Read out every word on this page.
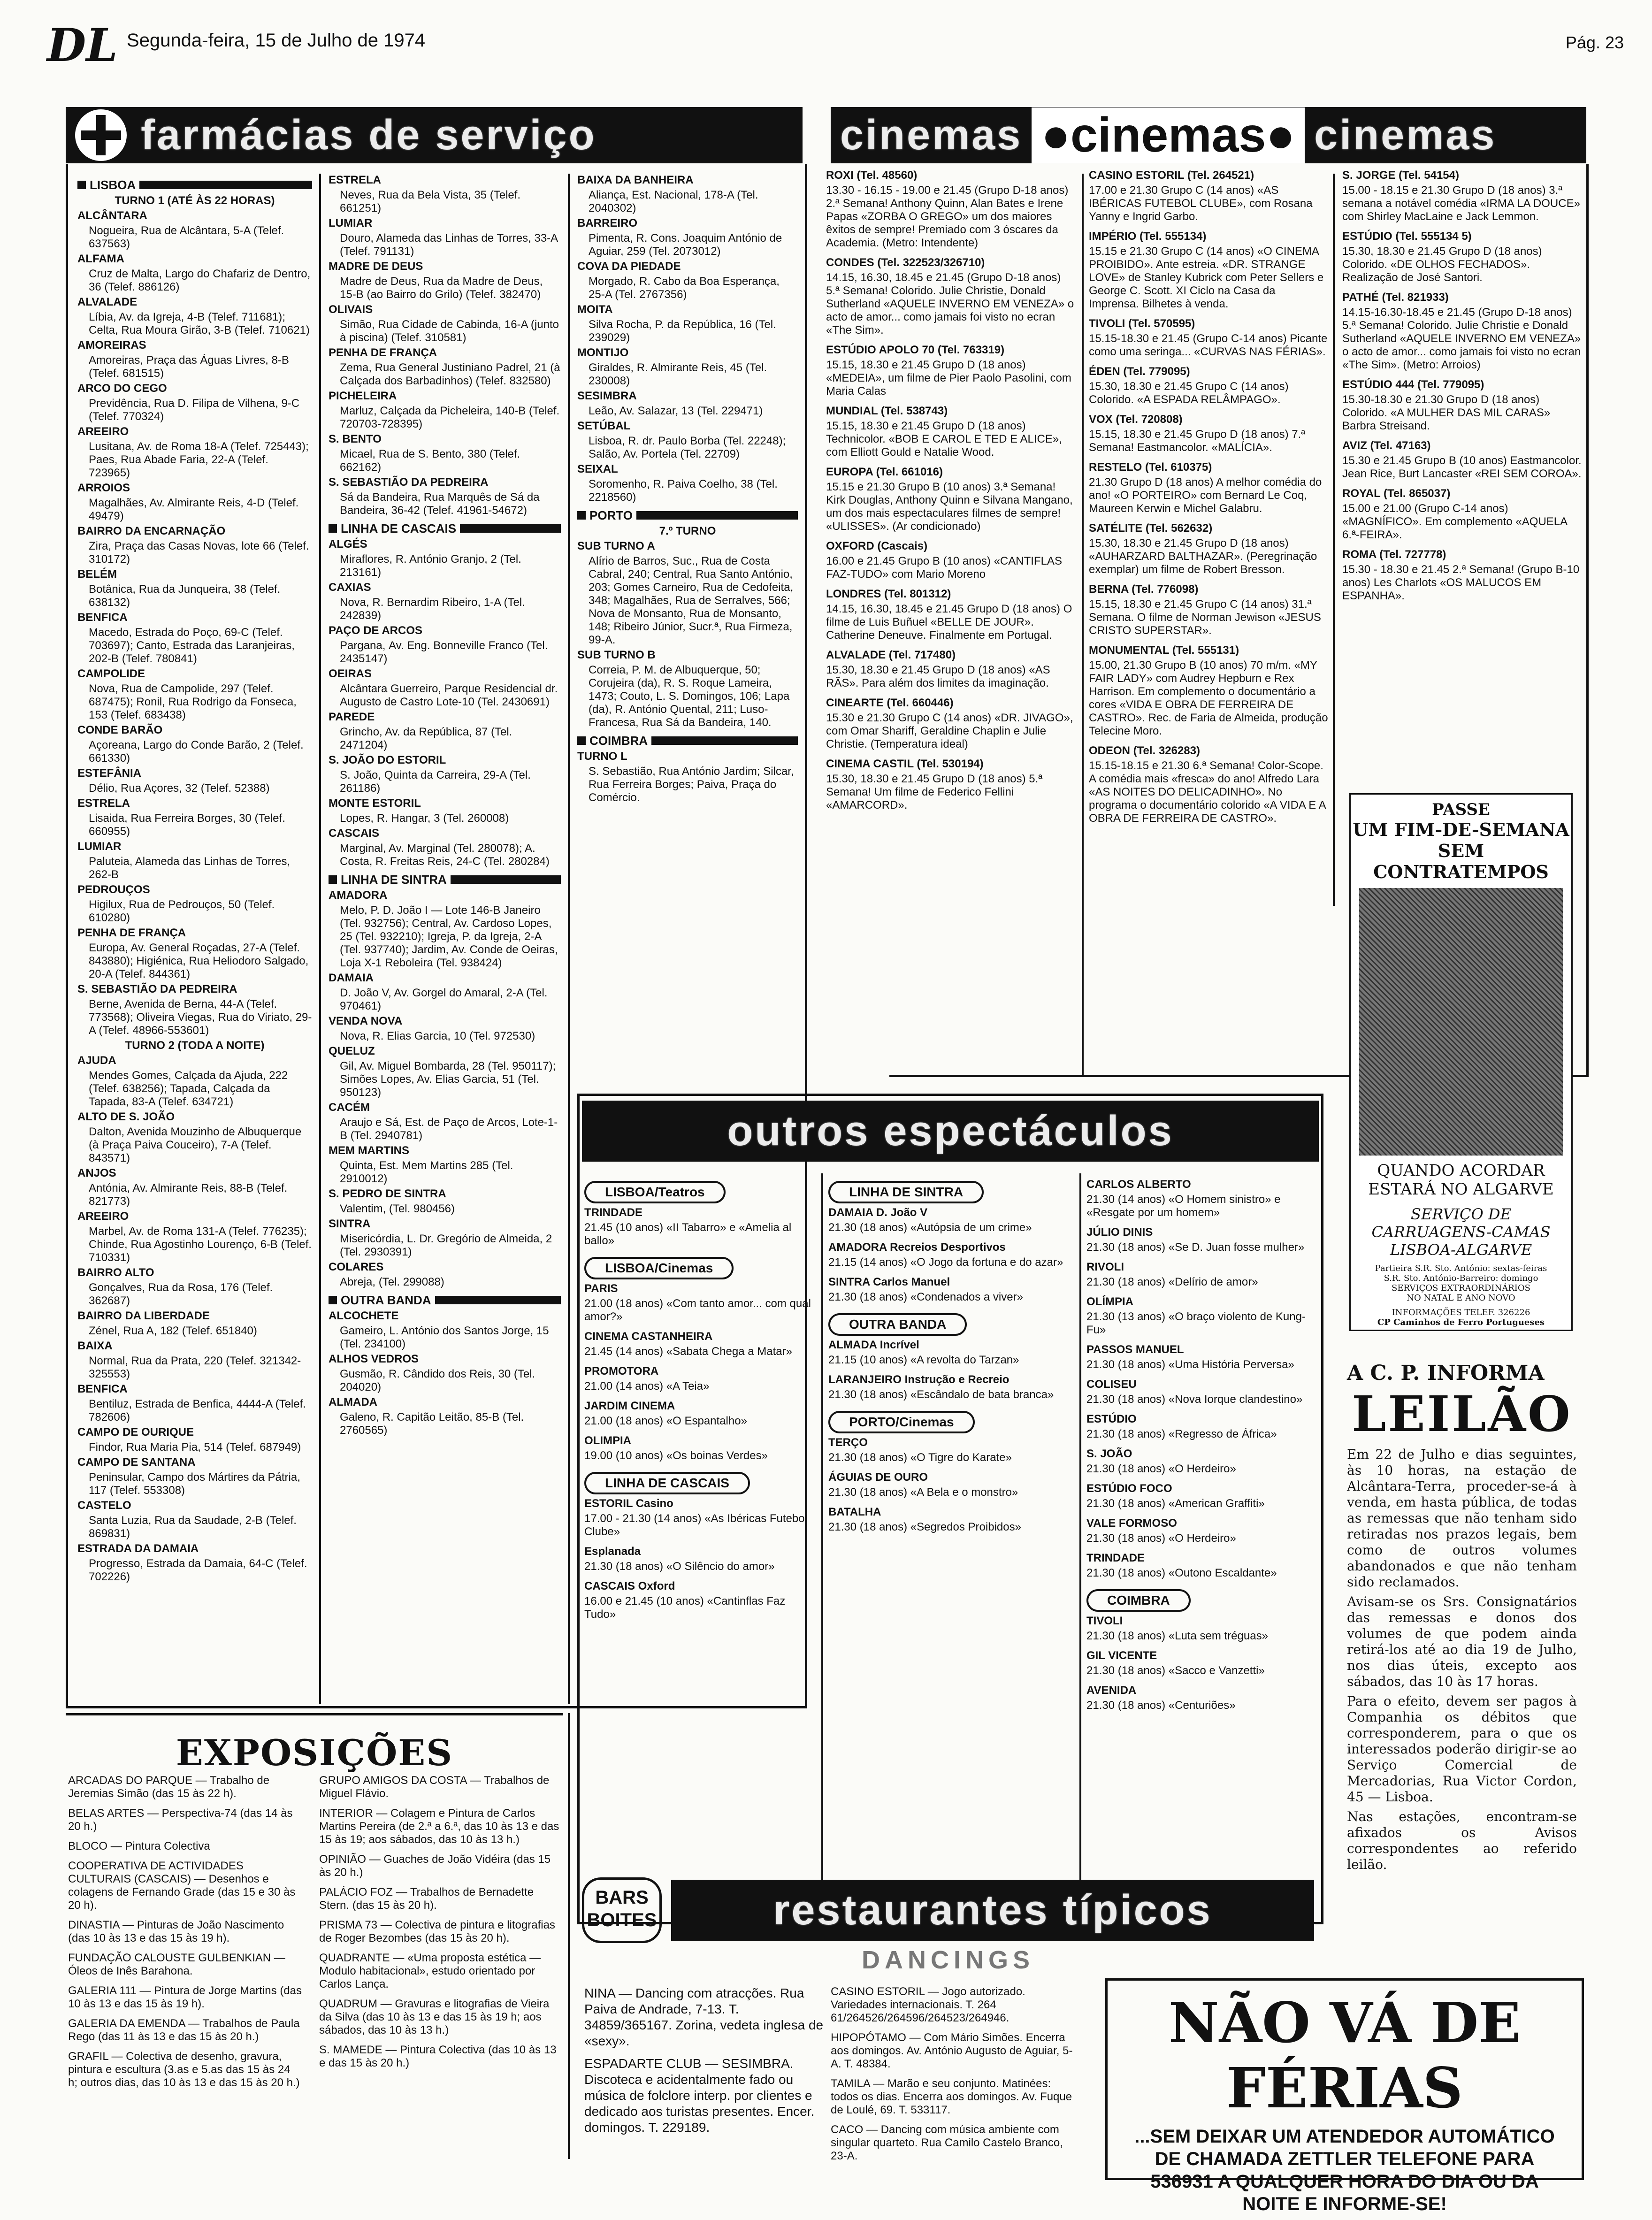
DL Segunda-feira, 15 de Julho de 1974	Pág. 23
farmácias de serviço	cinemas ●cinemas● cinemas
LISBOA

TURNO 1 (ATÉ ÀS 22 HORAS)

ALCÂNTARA

Nogueira, Rua de Alcântara, 5-A (Telef. 637563)

ALFAMA

Cruz de Malta, Largo do Chafariz de Dentro, 36 (Telef. 886126)

ALVALADE

Líbia, Av. da Igreja, 4-B (Telef. 711681); Celta, Rua Moura Girão, 3-B (Telef. 710621)

AMOREIRAS

Amoreiras, Praça das Águas Livres, 8-B (Telef. 681515)

ARCO DO CEGO

Previdência, Rua D. Filipa de Vilhena, 9-C (Telef. 770324)

AREEIRO

Lusitana, Av. de Roma 18-A (Telef. 725443); Paes, Rua Abade Faria, 22-A (Telef. 723965)

ARROIOS

Magalhães, Av. Almirante Reis, 4-D (Telef. 49479)

BAIRRO DA ENCARNAÇÃO

Zira, Praça das Casas Novas, lote 66 (Telef. 310172)

BELÉM

Botânica, Rua da Junqueira, 38 (Telef. 638132)

BENFICA

Macedo, Estrada do Poço, 69-C (Telef. 703697); Canto, Estrada das Laranjeiras, 202-B (Telef. 780841)

CAMPOLIDE

Nova, Rua de Campolide, 297 (Telef. 687475); Ronil, Rua Rodrigo da Fonseca, 153 (Telef. 683438)

CONDE BARÃO

Açoreana, Largo do Conde Barão, 2 (Telef. 661330)

ESTEFÂNIA

Délio, Rua Açores, 32 (Telef. 52388)

ESTRELA

Lisaida, Rua Ferreira Borges, 30 (Telef. 660955)

LUMIAR

Paluteia, Alameda das Linhas de Torres, 262-B

PEDROUÇOS

Higilux, Rua de Pedrouços, 50 (Telef. 610280)

PENHA DE FRANÇA

Europa, Av. General Roçadas, 27-A (Telef. 843880); Higiénica, Rua Heliodoro Salgado, 20-A (Telef. 844361)

S. SEBASTIÃO DA PEDREIRA

Berne, Avenida de Berna, 44-A (Telef. 773568); Oliveira Viegas, Rua do Viriato, 29-A (Telef. 48966-553601)

TURNO 2 (TODA A NOITE)

AJUDA

Mendes Gomes, Calçada da Ajuda, 222 (Telef. 638256); Tapada, Calçada da Tapada, 83-A (Telef. 634721)

ALTO DE S. JOÃO

Dalton, Avenida Mouzinho de Albuquerque (à Praça Paiva Couceiro), 7-A (Telef. 843571)

ANJOS

Antónia, Av. Almirante Reis, 88-B (Telef. 821773)

AREEIRO

Marbel, Av. de Roma 131-A (Telef. 776235); Chinde, Rua Agostinho Lourenço, 6-B (Telef. 710331)

BAIRRO ALTO

Gonçalves, Rua da Rosa, 176 (Telef. 362687)

BAIRRO DA LIBERDADE

Zénel, Rua A, 182 (Telef. 651840)

BAIXA

Normal, Rua da Prata, 220 (Telef. 321342-325553)

BENFICA

Bentiluz, Estrada de Benfica, 4444-A (Telef. 782606)

CAMPO DE OURIQUE

Findor, Rua Maria Pia, 514 (Telef. 687949)

CAMPO DE SANTANA

Peninsular, Campo dos Mártires da Pátria, 117 (Telef. 553308)

CASTELO

Santa Luzia, Rua da Saudade, 2-B (Telef. 869831)

ESTRADA DA DAMAIA

Progresso, Estrada da Damaia, 64-C (Telef. 702226)

ESTRELA

Neves, Rua da Bela Vista, 35 (Telef. 661251)

LUMIAR

Douro, Alameda das Linhas de Torres, 33-A (Telef. 791131)

MADRE DE DEUS

Madre de Deus, Rua da Madre de Deus, 15-B (ao Bairro do Grilo) (Telef. 382470)

OLIVAIS

Simão, Rua Cidade de Cabinda, 16-A (junto à piscina) (Telef. 310581)

PENHA DE FRANÇA

Zema, Rua General Justiniano Padrel, 21 (à Calçada dos Barbadinhos) (Telef. 832580)

PICHELEIRA

Marluz, Calçada da Picheleira, 140-B (Telef. 720703-728395)

S. BENTO

Micael, Rua de S. Bento, 380 (Telef. 662162)

S. SEBASTIÃO DA PEDREIRA

Sá da Bandeira, Rua Marquês de Sá da Bandeira, 36-42 (Telef. 41961-54672)

LINHA DE CASCAIS

ALGÉS

Miraflores, R. António Granjo, 2 (Tel. 213161)

CAXIAS

Nova, R. Bernardim Ribeiro, 1-A (Tel. 242839)

PAÇO DE ARCOS

Parganа, Av. Eng. Bonneville Franco (Tel. 2435147)

OEIRAS

Alcântara Guerreiro, Parque Residencial dr. Augusto de Castro Lote-10 (Tel. 2430691)

PAREDE

Grincho, Av. da República, 87 (Tel. 2471204)

S. JOÃO DO ESTORIL

S. João, Quinta da Carreira, 29-A (Tel. 261186)

MONTE ESTORIL

Lopes, R. Hangar, 3 (Tel. 260008)

CASCAIS

Marginal, Av. Marginal (Tel. 280078); A. Costa, R. Freitas Reis, 24-C (Tel. 280284)

LINHA DE SINTRA

AMADORA

Melo, P. D. João I — Lote 146-B Janeiro (Tel. 932756); Central, Av. Cardoso Lopes, 25 (Tel. 932210); Igreja, P. da Igreja, 2-A (Tel. 937740); Jardim, Av. Conde de Oeiras, Loja X-1 Reboleira (Tel. 938424)

DAMAIA

D. João V, Av. Gorgel do Amaral, 2-A (Tel. 970461)

VENDA NOVA

Nova, R. Elias Garcia, 10 (Tel. 972530)

QUELUZ

Gil, Av. Miguel Bombarda, 28 (Tel. 950117); Simões Lopes, Av. Elias Garcia, 51 (Tel. 950123)

CACÉM

Araujo e Sá, Est. de Paço de Arcos, Lote-1-B (Tel. 2940781)

MEM MARTINS

Quinta, Est. Mem Martins 285 (Tel. 2910012)

S. PEDRO DE SINTRA

Valentim, (Tel. 980456)

SINTRA

Misericórdia, L. Dr. Gregório de Almeida, 2 (Tel. 2930391)

COLARES

Abreja, (Tel. 299088)

OUTRA BANDA

ALCOCHETE

Gameiro, L. António dos Santos Jorge, 15 (Tel. 234100)

ALHOS VEDROS

Gusmão, R. Cândido dos Reis, 30 (Tel. 204020)

ALMADA

Galeno, R. Capitão Leitão, 85-B (Tel. 2760565)

BAIXA DA BANHEIRA

Aliança, Est. Nacional, 178-A (Tel. 2040302)

BARREIRO

Pimenta, R. Cons. Joaquim António de Aguiar, 259 (Tel. 2073012)

COVA DA PIEDADE

Morgado, R. Cabo da Boa Esperança, 25-A (Tel. 2767356)

MOITA

Silva Rocha, P. da República, 16 (Tel. 239029)

MONTIJO

Giraldes, R. Almirante Reis, 45 (Tel. 230008)

SESIMBRA

Leão, Av. Salazar, 13 (Tel. 229471)

SETÚBAL

Lisboa, R. dr. Paulo Borba (Tel. 22248); Salão, Av. Portela (Tel. 22709)

SEIXAL

Soromenho, R. Paiva Coelho, 38 (Tel. 2218560)

PORTO

7.º TURNO

SUB TURNO A

Alírio de Barros, Suc., Rua de Costa Cabral, 240; Central, Rua Santo António, 203; Gomes Carneiro, Rua de Cedofeita, 348; Magalhães, Rua de Serralves, 566; Nova de Monsanto, Rua de Monsanto, 148; Ribeiro Júnior, Sucr.ª, Rua Firmeza, 99-A.

SUB TURNO B

Correia, P. M. de Albuquerque, 50; Corujeira (da), R. S. Roque Lameira, 1473; Couto, L. S. Domingos, 106; Lapa (da), R. António Quental, 211; Luso-Francesa, Rua Sá da Bandeira, 140.

COIMBRA

TURNO L

S. Sebastião, Rua António Jardim; Silcar, Rua Ferreira Borges; Paiva, Praça do Comércio.

ROXI (Tel. 48560)

13.30 - 16.15 - 19.00 e 21.45 (Grupo D-18 anos) 2.ª Semana! Anthony Quinn, Alan Bates e Irene Papas «ZORBA O GREGO» um dos maiores êxitos de sempre! Premiado com 3 óscares da Academia. (Metro: Intendente)

CONDES (Tel. 322523/326710)

14.15, 16.30, 18.45 e 21.45 (Grupo D-18 anos) 5.ª Semana! Colorido. Julie Christie, Donald Sutherland «AQUELE INVERNO EM VENEZA» o acto de amor... como jamais foi visto no ecran «The Sim».

ESTÚDIO APOLO 70 (Tel. 763319)

15.15, 18.30 e 21.45 Grupo D (18 anos) «MEDEIA», um filme de Pier Paolo Pasolini, com Maria Calas

MUNDIAL (Tel. 538743)

15.15, 18.30 e 21.45 Grupo D (18 anos) Technicolor. «BOB E CAROL E TED E ALICE», com Elliott Gould e Natalie Wood.

EUROPA (Tel. 661016)

15.15 e 21.30 Grupo B (10 anos) 3.ª Semana! Kirk Douglas, Anthony Quinn e Silvana Mangano, um dos mais espectaculares filmes de sempre! «ULISSES». (Ar condicionado)

OXFORD (Cascais)

16.00 e 21.45 Grupo B (10 anos) «CANTIFLAS FAZ-TUDO» com Mario Moreno

LONDRES (Tel. 801312)

14.15, 16.30, 18.45 e 21.45 Grupo D (18 anos) O filme de Luis Buñuel «BELLE DE JOUR». Catherine Deneuve. Finalmente em Portugal.

ALVALADE (Tel. 717480)

15.30, 18.30 e 21.45 Grupo D (18 anos) «AS RÃS». Para além dos limites da imaginação.

CINEARTE (Tel. 660446)

15.30 e 21.30 Grupo C (14 anos) «DR. JIVAGO», com Omar Shariff, Geraldine Chaplin e Julie Christie. (Temperatura ideal)

CINEMA CASTIL (Tel. 530194)

15.30, 18.30 e 21.45 Grupo D (18 anos) 5.ª Semana! Um filme de Federico Fellini «AMARCORD».

CASINO ESTORIL (Tel. 264521)

17.00 e 21.30 Grupo C (14 anos) «AS IBÉRICAS FUTEBOL CLUBE», com Rosana Yanny e Ingrid Garbo.

IMPÉRIO (Tel. 555134)

15.15 e 21.30 Grupo C (14 anos) «O CINEMA PROIBIDO». Ante estreia. «DR. STRANGE LOVE» de Stanley Kubrick com Peter Sellers e George C. Scott. XI Ciclo na Casa da Imprensa. Bilhetes à venda.

TIVOLI (Tel. 570595)

15.15-18.30 e 21.45 (Grupo C-14 anos) Picante como uma seringa... «CURVAS NAS FÉRIAS».

ÉDEN (Tel. 779095)

15.30, 18.30 e 21.45 Grupo C (14 anos) Colorido. «A ESPADA RELÂMPAGO».

VOX (Tel. 720808)

15.15, 18.30 e 21.45 Grupo D (18 anos) 7.ª Semana! Eastmancolor. «MALÍCIA».

RESTELO (Tel. 610375)

21.30 Grupo D (18 anos) A melhor comédia do ano! «O PORTEIRO» com Bernard Le Coq, Maureen Kerwin e Michel Galabru.

SATÉLITE (Tel. 562632)

15.30, 18.30 e 21.45 Grupo D (18 anos) «AUHARZARD BALTHAZAR». (Peregrinação exemplar) um filme de Robert Bresson.

BERNA (Tel. 776098)

15.15, 18.30 e 21.45 Grupo C (14 anos) 31.ª Semana. O filme de Norman Jewison «JESUS CRISTO SUPERSTAR».

MONUMENTAL (Tel. 555131)

15.00, 21.30 Grupo B (10 anos) 70 m/m. «MY FAIR LADY» com Audrey Hepburn e Rex Harrison. Em complemento o documentário a cores «VIDA E OBRA DE FERREIRA DE CASTRO». Rec. de Faria de Almeida, produção Telecine Moro.

ODEON (Tel. 326283)

15.15-18.15 e 21.30 6.ª Semana! Color-Scope. A comédia mais «fresca» do ano! Alfredo Lara «AS NOITES DO DELICADINHO». No programa o documentário colorido «A VIDA E A OBRA DE FERREIRA DE CASTRO».

S. JORGE (Tel. 54154)

15.00 - 18.15 e 21.30 Grupo D (18 anos) 3.ª semana a notável comédia «IRMA LA DOUCE» com Shirley MacLaine e Jack Lemmon.

ESTÚDIO (Tel. 555134 5)

15.30, 18.30 e 21.45 Grupo D (18 anos) Colorido. «DE OLHOS FECHADOS». Realização de José Santori.

PATHÉ (Tel. 821933)

14.15-16.30-18.45 e 21.45 (Grupo D-18 anos) 5.ª Semana! Colorido. Julie Christie e Donald Sutherland «AQUELE INVERNO EM VENEZA» o acto de amor... como jamais foi visto no ecran «The Sim». (Metro: Arroios)

ESTÚDIO 444 (Tel. 779095)

15.30-18.30 e 21.30 Grupo D (18 anos) Colorido. «A MULHER DAS MIL CARAS» Barbra Streisand.

AVIZ (Tel. 47163)

15.30 e 21.45 Grupo B (10 anos) Eastmancolor. Jean Rice, Burt Lancaster «REI SEM COROA».

ROYAL (Tel. 865037)

15.00 e 21.00 (Grupo C-14 anos) «MAGNÍFICO». Em complemento «AQUELA 6.ª-FEIRA».

ROMA (Tel. 727778)

15.30 - 18.30 e 21.45 2.ª Semana! (Grupo B-10 anos) Les Charlots «OS MALUCOS EM ESPANHA».

PASSE
UM FIM-DE-SEMANA
SEM CONTRATEMPOS
QUANDO ACORDAR
ESTARÁ NO ALGARVE
SERVIÇO DE
CARRUAGENS-CAMAS
LISBOA-ALGARVE
Partieira S.R. Sto. António: sextas-feiras
S.R. Sto. António-Barreiro: domingo
SERVIÇOS EXTRAORDINÁRIOS
NO NATAL E ANO NOVO
INFORMAÇÕES TELEF. 326226
CP Caminhos de Ferro Portugueses
A C. P. INFORMA
LEILÃO

Em 22 de Julho e dias seguintes, às 10 horas, na estação de Alcântara-Terra, proceder-se-á à venda, em hasta pública, de todas as remessas que não tenham sido retiradas nos prazos legais, bem como de outros volumes abandonados e que não tenham sido reclamados.

Avisam-se os Srs. Consignatários das remessas e donos dos volumes de que podem ainda retirá-los até ao dia 19 de Julho, nos dias úteis, excepto aos sábados, das 10 às 17 horas.

Para o efeito, devem ser pagos à Companhia os débitos que corresponderem, para o que os interessados poderão dirigir-se ao Serviço Comercial de Mercadorias, Rua Victor Cordon, 45 — Lisboa.

Nas estações, encontram-se afixados os Avisos correspondentes ao referido leilão.

outros espectáculos
LISBOA/Teatros

TRINDADE

21.45 (10 anos) «II Tabarro» e «Amelia al ballo»

LISBOA/Cinemas

PARIS

21.00 (18 anos) «Com tanto amor... com qual amor?»

CINEMA CASTANHEIRA

21.45 (14 anos) «Sabata Chega a Matar»

PROMOTORA

21.00 (14 anos) «A Teia»

JARDIM CINEMA

21.00 (18 anos) «O Espantalho»

OLIMPIA

19.00 (10 anos) «Os boinas Verdes»

LINHA DE CASCAIS

ESTORIL Casino

17.00 - 21.30 (14 anos) «As Ibéricas Futebol Clube»

Esplanada

21.30 (18 anos) «O Silêncio do amor»

CASCAIS Oxford

16.00 e 21.45 (10 anos) «Cantinflas Faz Tudo»

LINHA DE SINTRA

DAMAIA D. João V

21.30 (18 anos) «Autópsia de um crime»

AMADORA Recreios Desportivos

21.15 (14 anos) «O Jogo da fortuna e do azar»

SINTRA Carlos Manuel

21.30 (18 anos) «Condenados a viver»

OUTRA BANDA

ALMADA Incrível

21.15 (10 anos) «A revolta do Tarzan»

LARANJEIRO Instrução e Recreio

21.30 (18 anos) «Escândalo de bata branca»

PORTO/Cinemas

TERÇO

21.30 (18 anos) «O Tigre do Karate»

ÁGUIAS DE OURO

21.30 (18 anos) «A Bela e o monstro»

BATALHA

21.30 (18 anos) «Segredos Proibidos»

CARLOS ALBERTO

21.30 (14 anos) «O Homem sinistro» e «Resgate por um homem»

JÚLIO DINIS

21.30 (18 anos) «Se D. Juan fosse mulher»

RIVOLI

21.30 (18 anos) «Delírio de amor»

OLÍMPIA

21.30 (13 anos) «O braço violento de Kung-Fu»

PASSOS MANUEL

21.30 (18 anos) «Uma História Perversa»

COLISEU

21.30 (18 anos) «Nova Iorque clandestino»

ESTÚDIO

21.30 (18 anos) «Regresso de África»

S. JOÃO

21.30 (18 anos) «O Herdeiro»

ESTÚDIO FOCO

21.30 (18 anos) «American Graffiti»

VALE FORMOSO

21.30 (18 anos) «O Herdeiro»

TRINDADE

21.30 (18 anos) «Outono Escaldante»

COIMBRA

TIVOLI

21.30 (18 anos) «Luta sem tréguas»

GIL VICENTE

21.30 (18 anos) «Sacco e Vanzetti»

AVENIDA

21.30 (18 anos) «Centuriões»

EXPOSIÇÕES

ARCADAS DO PARQUE — Trabalho de Jeremias Simão (das 15 às 22 h).

BELAS ARTES — Perspectiva-74 (das 14 às 20 h.)

BLOCO — Pintura Colectiva

COOPERATIVA DE ACTIVIDADES CULTURAIS (CASCAIS) — Desenhos e colagens de Fernando Grade (das 15 e 30 às 20 h).

DINASTIA — Pinturas de João Nascimento (das 10 às 13 e das 15 às 19 h).

FUNDAÇÃO CALOUSTE GULBENKIAN — Óleos de Inês Barahona.

GALERIA 111 — Pintura de Jorge Martins (das 10 às 13 e das 15 às 19 h).

GALERIA DA EMENDA — Trabalhos de Paula Rego (das 11 às 13 e das 15 às 20 h.)

GRAFIL — Colectiva de desenho, gravura, pintura e escultura (3.as e 5.as das 15 às 24 h; outros dias, das 10 às 13 e das 15 às 20 h.)

GRUPO AMIGOS DA COSTA — Trabalhos de Miguel Flávio.

INTERIOR — Colagem e Pintura de Carlos Martins Pereira (de 2.ª a 6.ª, das 10 às 13 e das 15 às 19; aos sábados, das 10 às 13 h.)

OPINIÃO — Guaches de João Vidéira (das 15 às 20 h.)

PALÁCIO FOZ — Trabalhos de Bernadette Stern. (das 15 às 20 h).

PRISMA 73 — Colectiva de pintura e litografias de Roger Bezombes (das 15 às 20 h).

QUADRANTE — «Uma proposta estética — Modulo habitacional», estudo orientado por Carlos Lança.

QUADRUM — Gravuras e litografias de Vieira da Silva (das 10 às 13 e das 15 às 19 h; aos sábados, das 10 às 13 h.)

S. MAMEDE — Pintura Colectiva (das 10 às 13 e das 15 às 20 h.)

BARS
BOITES	restaurantes típicos
DANCINGS

NINA — Dancing com atracções. Rua Paiva de Andrade, 7-13. T. 34859/365167. Zorina, vedeta inglesa de «sexy».

ESPADARTE CLUB — SESIMBRA. Discoteca e acidentalmente fado ou música de folclore interp. por clientes e dedicado aos turistas presentes. Encer. domingos. T. 229189.

CASINO ESTORIL — Jogo autorizado. Variedades internacionais. T. 264 61/264526/264596/264523/264946.

HIPOPÓTAMO — Com Mário Simões. Encerra aos domingos. Av. António Augusto de Aguiar, 5-A. T. 48384.

TAMILA — Marão e seu conjunto. Matinées: todos os dias. Encerra aos domingos. Av. Fuque de Loulé, 69. T. 533117.

CACO — Dancing com música ambiente com singular quarteto. Rua Camilo Castelo Branco, 23-A.

NÃO VÁ DE FÉRIAS
...SEM DEIXAR UM ATENDEDOR AUTOMÁTICO DE CHAMADA ZETTLER TELEFONE PARA 536931 A QUALQUER HORA DO DIA OU DA NOITE E INFORME-SE!
